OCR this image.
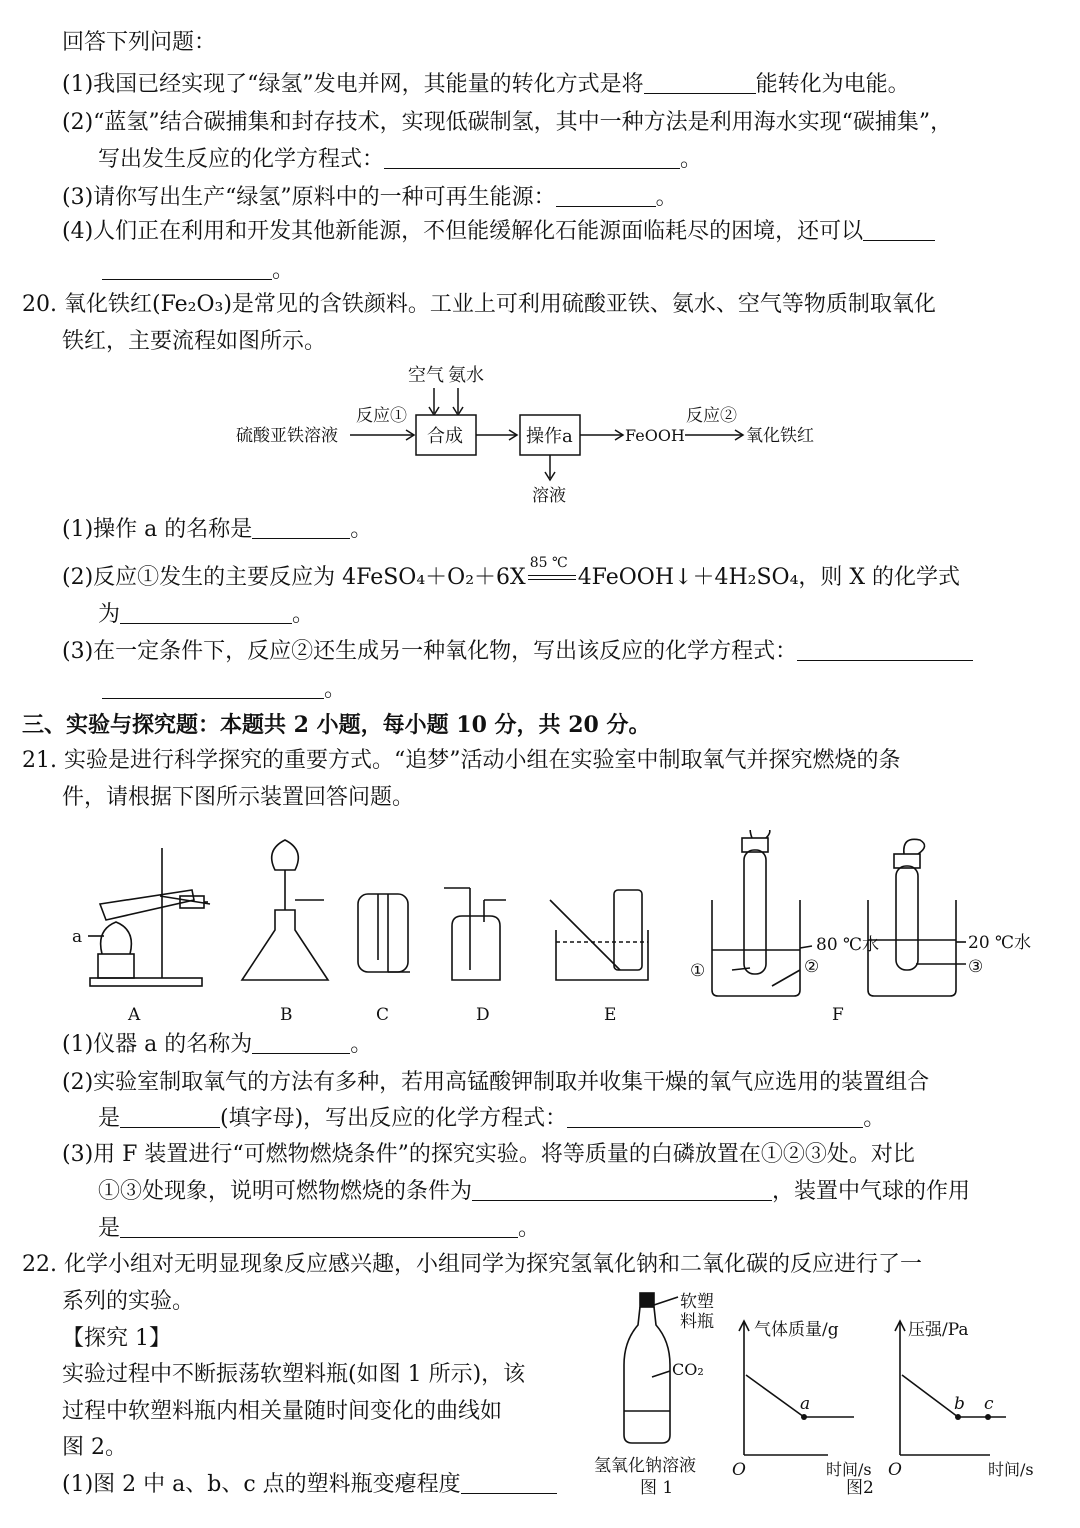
回答下列问题：
(1)我国已经实现了“绿氢”发电并网，其能量的转化方式是将	能转化为电能。
(2)“蓝氢”结合碳捕集和封存技术，实现低碳制氢，其中一种方法是利用海水实现“碳捕集”，
写出发生反应的化学方程式：	。
(3)请你写出生产“绿氢”原料中的一种可再生能源：	。
(4)人们正在利用和开发其他新能源，不但能缓解化石能源面临耗尽的困境，还可以
。
20. 氧化铁红(Fe₂O₃)是常见的含铁颜料。工业上可利用硫酸亚铁、氨水、空气等物质制取氧化
铁红，主要流程如图所示。
空气 氨水
硫酸亚铁溶液
反应①
合成	操作a
溶液
FeOOH
反应②
氧化铁红
(1)操作 a 的名称是	。
(2)反应①发生的主要反应为 4FeSO₄＋O₂＋6X
85 ℃
4FeOOH↓＋4H₂SO₄，则 X 的化学式
为	。
(3)在一定条件下，反应②还生成另一种氧化物，写出该反应的化学方程式：
。
三、实验与探究题：本题共 2 小题，每小题 10 分，共 20 分。
21. 实验是进行科学探究的重要方式。“追梦”活动小组在实验室中制取氧气并探究燃烧的条
件，请根据下图所示装置回答问题。
a	80 ℃水
①	②
20 ℃水
③
A	B	C	D	E	F
(1)仪器 a 的名称为	。
(2)实验室制取氧气的方法有多种，若用高锰酸钾制取并收集干燥的氧气应选用的装置组合
是	(填字母)，写出反应的化学方程式：	。
(3)用 F 装置进行“可燃物燃烧条件”的探究实验。将等质量的白磷放置在①②③处。对比
①③处现象，说明可燃物燃烧的条件为	，装置中气球的作用
是	。
22. 化学小组对无明显现象反应感兴趣，小组同学为探究氢氧化钠和二氧化碳的反应进行了一
系列的实验。
【探究 1】
实验过程中不断振荡软塑料瓶(如图 1 所示)，该
过程中软塑料瓶内相关量随时间变化的曲线如
图 2。
(1)图 2 中 a、b、c 点的塑料瓶变瘪程度
软塑
料瓶
CO₂
氢氧化钠溶液
图 1
气体质量/g	压强/Pa
O	O
时间/s	时间/s
a	b c
图2
